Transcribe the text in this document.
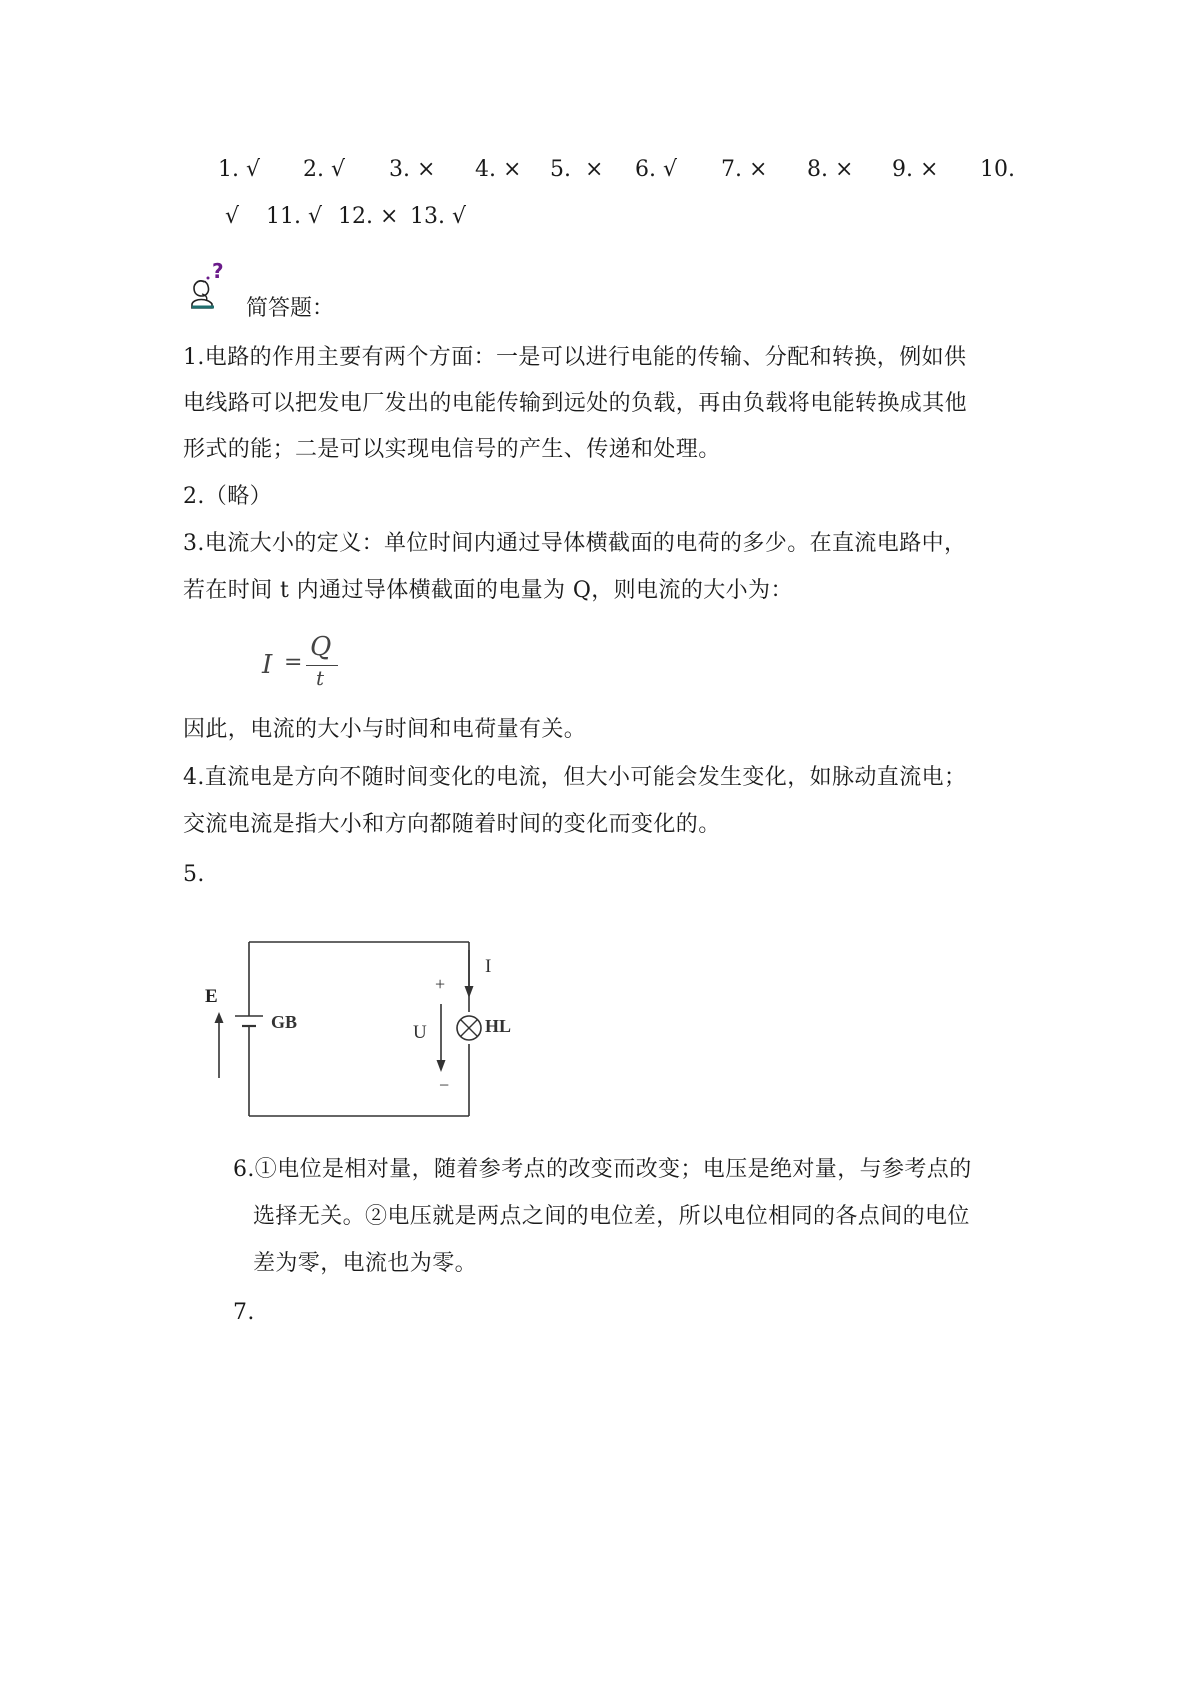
1. √ 2. √ 3. × 4. × 5. × 6. √ 7. × 8. × 9. × 10.
√ 11. √ 12. × 13. √
?
简答题：
1.电路的作用主要有两个方面：一是可以进行电能的传输、分配和转换，例如供
电线路可以把发电厂发出的电能传输到远处的负载，再由负载将电能转换成其他
形式的能；二是可以实现电信号的产生、传递和处理。
2.（略）
3.电流大小的定义：单位时间内通过导体横截面的电荷的多少。在直流电路中，
若在时间 t 内通过导体横截面的电量为 Q，则电流的大小为：
I =
Q
t
因此，电流的大小与时间和电荷量有关。
4.直流电是方向不随时间变化的电流，但大小可能会发生变化，如脉动直流电；
交流电流是指大小和方向都随着时间的变化而变化的。
5.
GB
E
I
HL
+
U
−
6.①电位是相对量，随着参考点的改变而改变；电压是绝对量，与参考点的
选择无关。②电压就是两点之间的电位差，所以电位相同的各点间的电位
差为零，电流也为零。
7.
